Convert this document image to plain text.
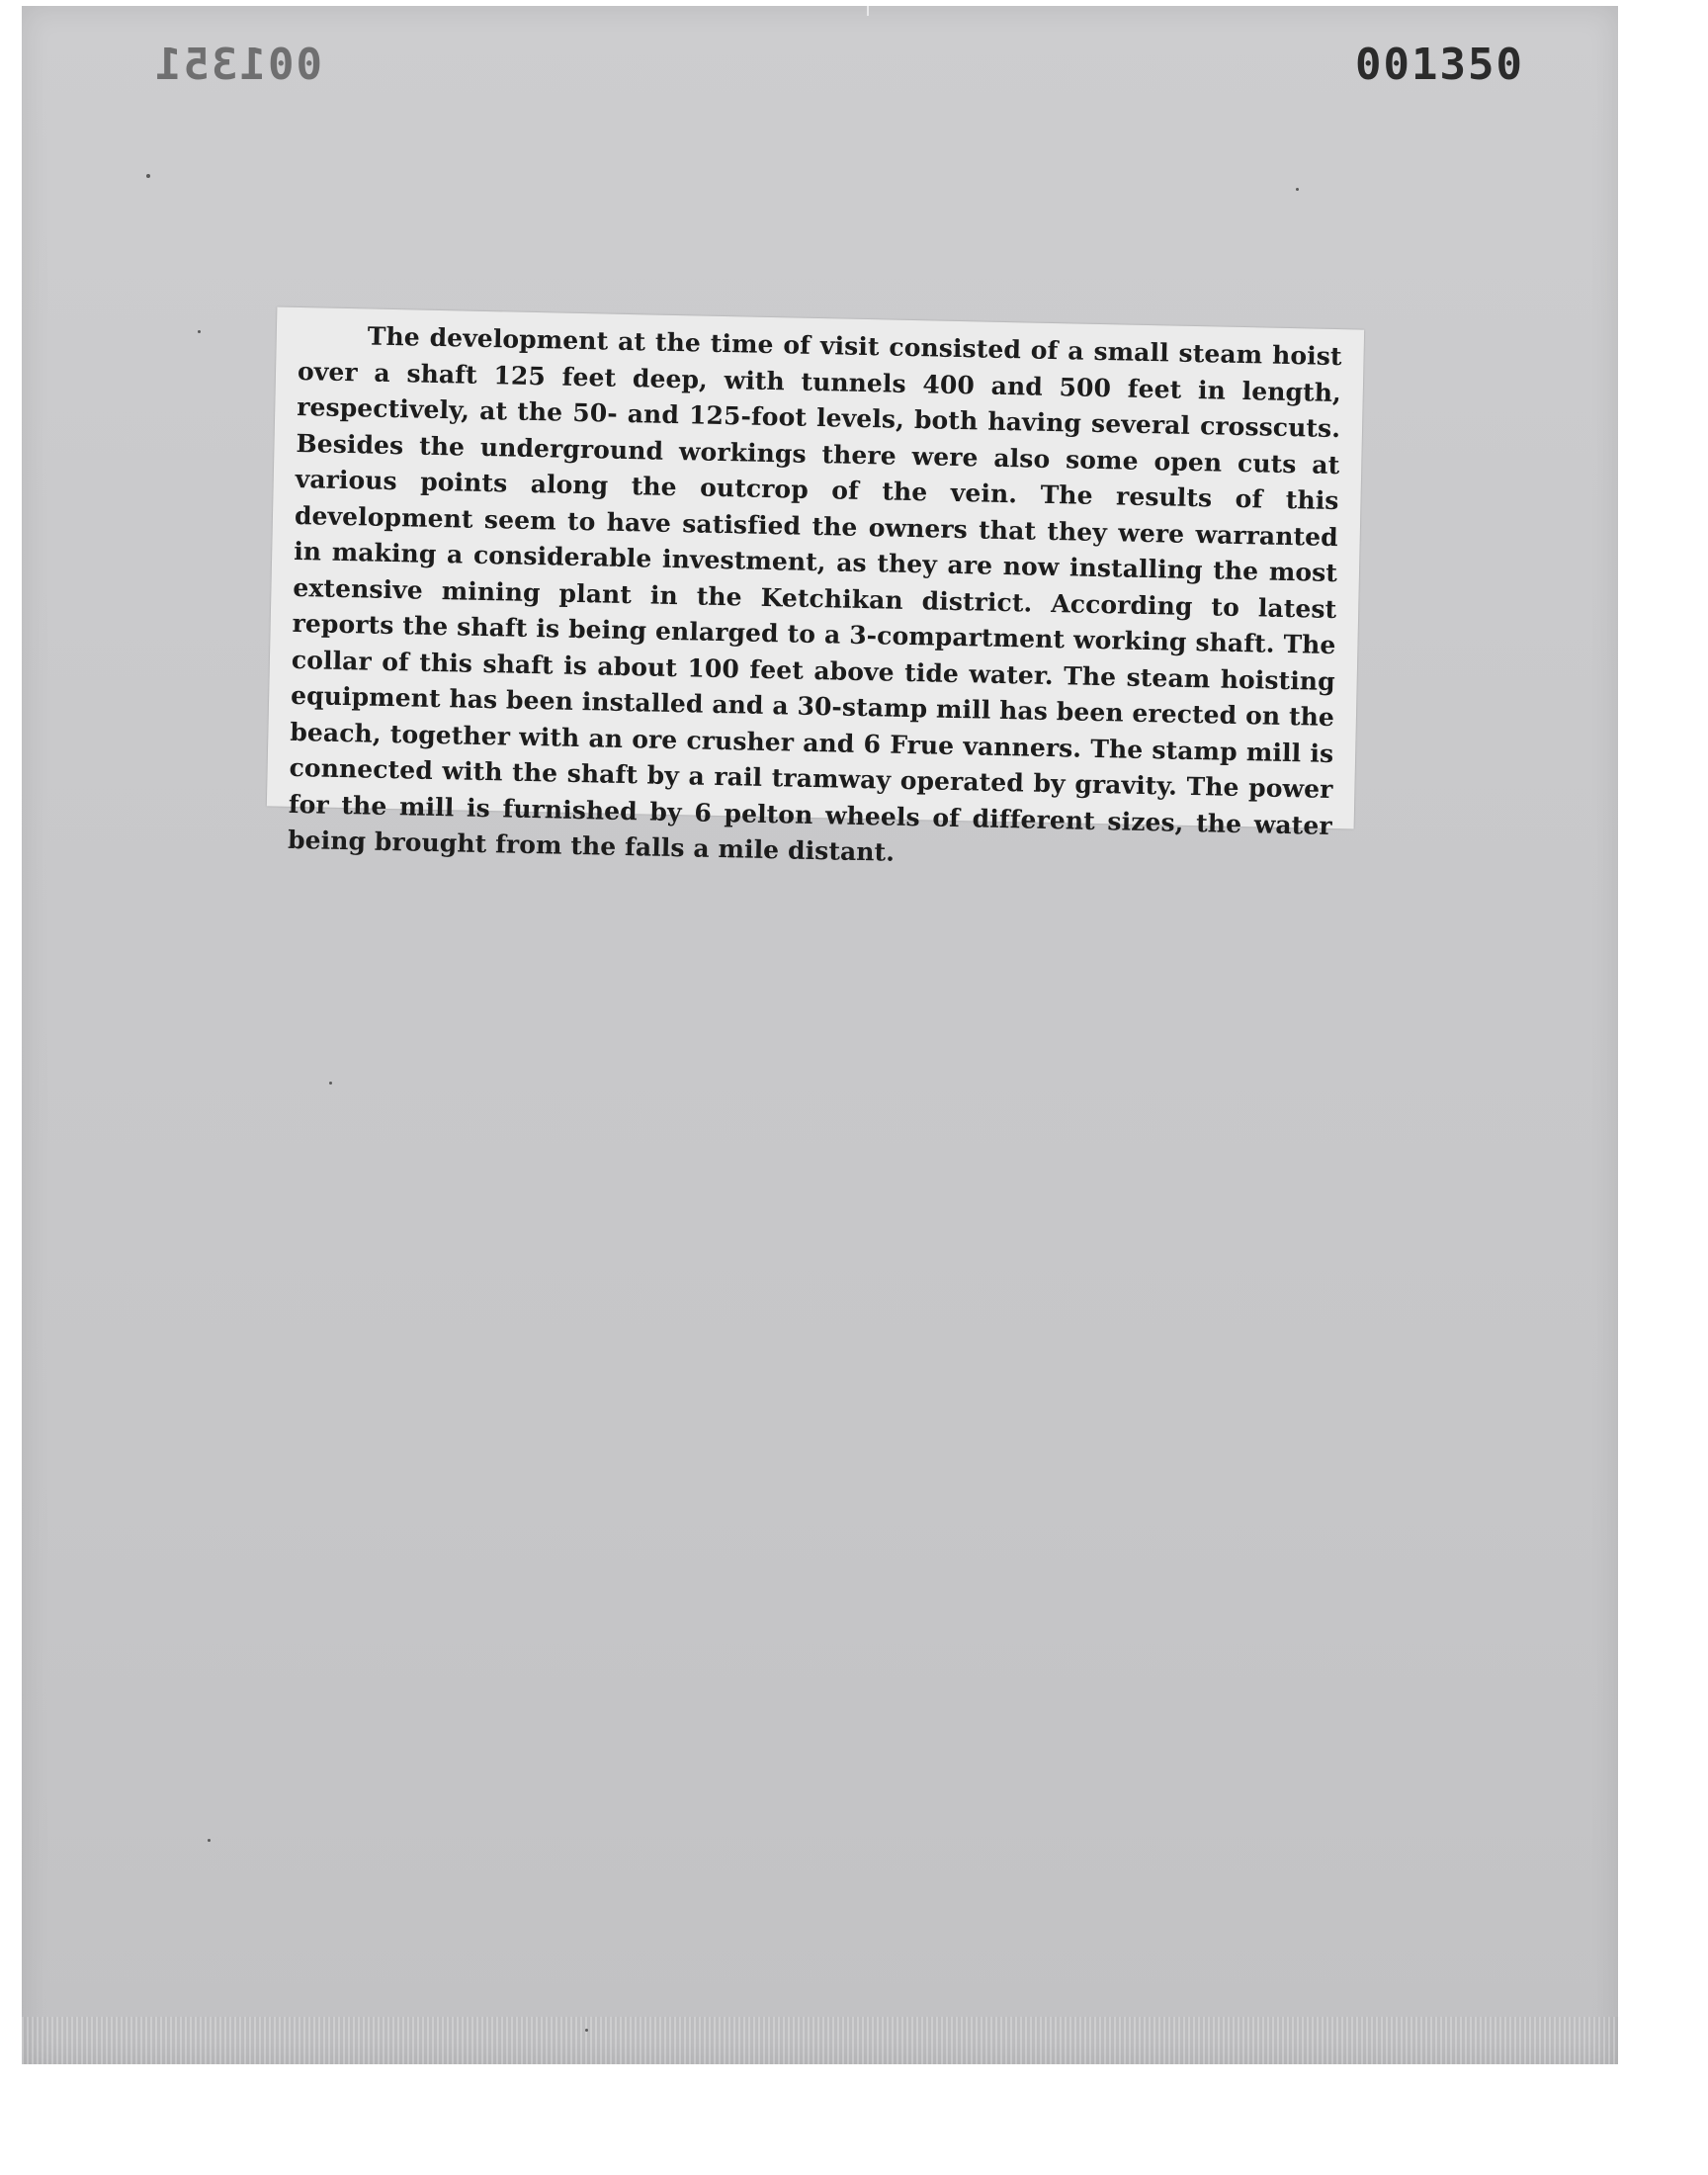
001351	001350

The development at the time of visit consisted of a small steam hoist over a shaft 125 feet deep, with tunnels 400 and 500 feet in length, respectively, at the 50- and 125-foot levels, both having several crosscuts. Besides the underground workings there were also some open cuts at various points along the outcrop of the vein. The results of this development seem to have satisfied the owners that they were warranted in making a considerable investment, as they are now installing the most extensive mining plant in the Ketchikan district. According to latest reports the shaft is being enlarged to a 3-compartment working shaft. The collar of this shaft is about 100 feet above tide water. The steam hoisting equipment has been installed and a 30-stamp mill has been erected on the beach, together with an ore crusher and 6 Frue vanners. The stamp mill is connected with the shaft by a rail tramway operated by gravity. The power for the mill is furnished by 6 pelton wheels of different sizes, the water being brought from the falls a mile distant.
